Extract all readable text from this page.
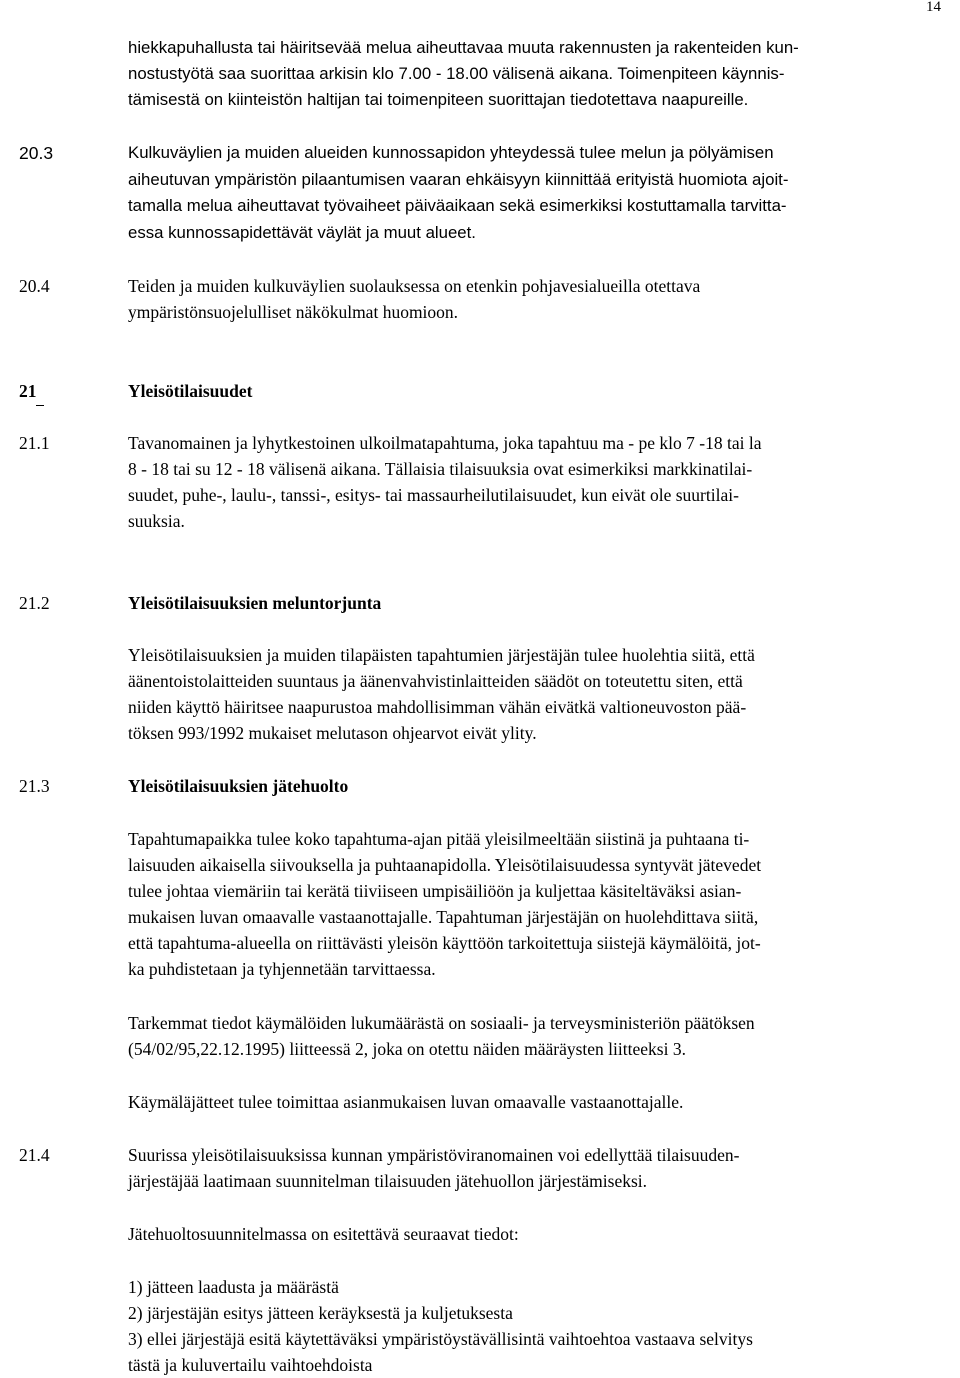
14
hiekkapuhallusta tai häiritsevää melua aiheuttavaa muuta rakennusten ja rakenteiden kun-
nostustyötä saa suorittaa arkisin klo 7.00 - 18.00 välisenä aikana. Toimenpiteen käynnis-
tämisestä on kiinteistön haltijan tai toimenpiteen suorittajan tiedotettava naapureille.
20.3	Kulkuväylien ja muiden alueiden kunnossapidon yhteydessä tulee melun ja pölyämisen
aiheutuvan ympäristön pilaantumisen vaaran ehkäisyyn kiinnittää erityistä huomiota ajoit-
tamalla melua aiheuttavat työvaiheet päiväaikaan sekä esimerkiksi kostuttamalla tarvitta-
essa kunnossapidettävät väylät ja muut alueet.
20.4	Teiden ja muiden kulkuväylien suolauksessa on etenkin pohjavesialueilla otettava
ympäristönsuojelulliset näkökulmat huomioon.
21	Yleisötilaisuudet
21.1	Tavanomainen ja lyhytkestoinen ulkoilmatapahtuma, joka tapahtuu ma - pe klo 7 -18 tai la
8 - 18 tai su 12 - 18 välisenä aikana. Tällaisia tilaisuuksia ovat esimerkiksi markkinatilai-
suudet, puhe-, laulu-, tanssi-, esitys- tai massaurheilutilaisuudet, kun eivät ole suurtilai-
suuksia.
21.2	Yleisötilaisuuksien meluntorjunta
Yleisötilaisuuksien ja muiden tilapäisten tapahtumien järjestäjän tulee huolehtia siitä, että
äänentoistolaitteiden suuntaus ja äänenvahvistinlaitteiden säädöt on toteutettu siten, että
niiden käyttö häiritsee naapurustoa mahdollisimman vähän eivätkä valtioneuvoston pää-
töksen 993/1992 mukaiset melutason ohjearvot eivät ylity.
21.3	Yleisötilaisuuksien jätehuolto
Tapahtumapaikka tulee koko tapahtuma-ajan pitää yleisilmeeltään siistinä ja puhtaana ti-
laisuuden aikaisella siivouksella ja puhtaanapidolla. Yleisötilaisuudessa syntyvät jätevedet
tulee johtaa viemäriin tai kerätä tiiviiseen umpisäiliöön ja kuljettaa käsiteltäväksi asian-
mukaisen luvan omaavalle vastaanottajalle. Tapahtuman järjestäjän on huolehdittava siitä,
että tapahtuma-alueella on riittävästi yleisön käyttöön tarkoitettuja siistejä käymälöitä, jot-
ka puhdistetaan ja tyhjennetään tarvittaessa.
Tarkemmat tiedot käymälöiden lukumäärästä on sosiaali- ja terveysministeriön päätöksen
(54/02/95,22.12.1995) liitteessä 2, joka on otettu näiden määräysten liitteeksi 3.
Käymäläjätteet tulee toimittaa asianmukaisen luvan omaavalle vastaanottajalle.
21.4	Suurissa yleisötilaisuuksissa kunnan ympäristöviranomainen voi edellyttää tilaisuuden-
järjestäjää laatimaan suunnitelman tilaisuuden jätehuollon järjestämiseksi.
Jätehuoltosuunnitelmassa on esitettävä seuraavat tiedot:
1) jätteen laadusta ja määrästä
2) järjestäjän esitys jätteen keräyksestä ja kuljetuksesta
3) ellei järjestäjä esitä käytettäväksi ympäristöystävällisintä vaihtoehtoa vastaava selvitys
tästä ja kuluvertailu vaihtoehdoista
